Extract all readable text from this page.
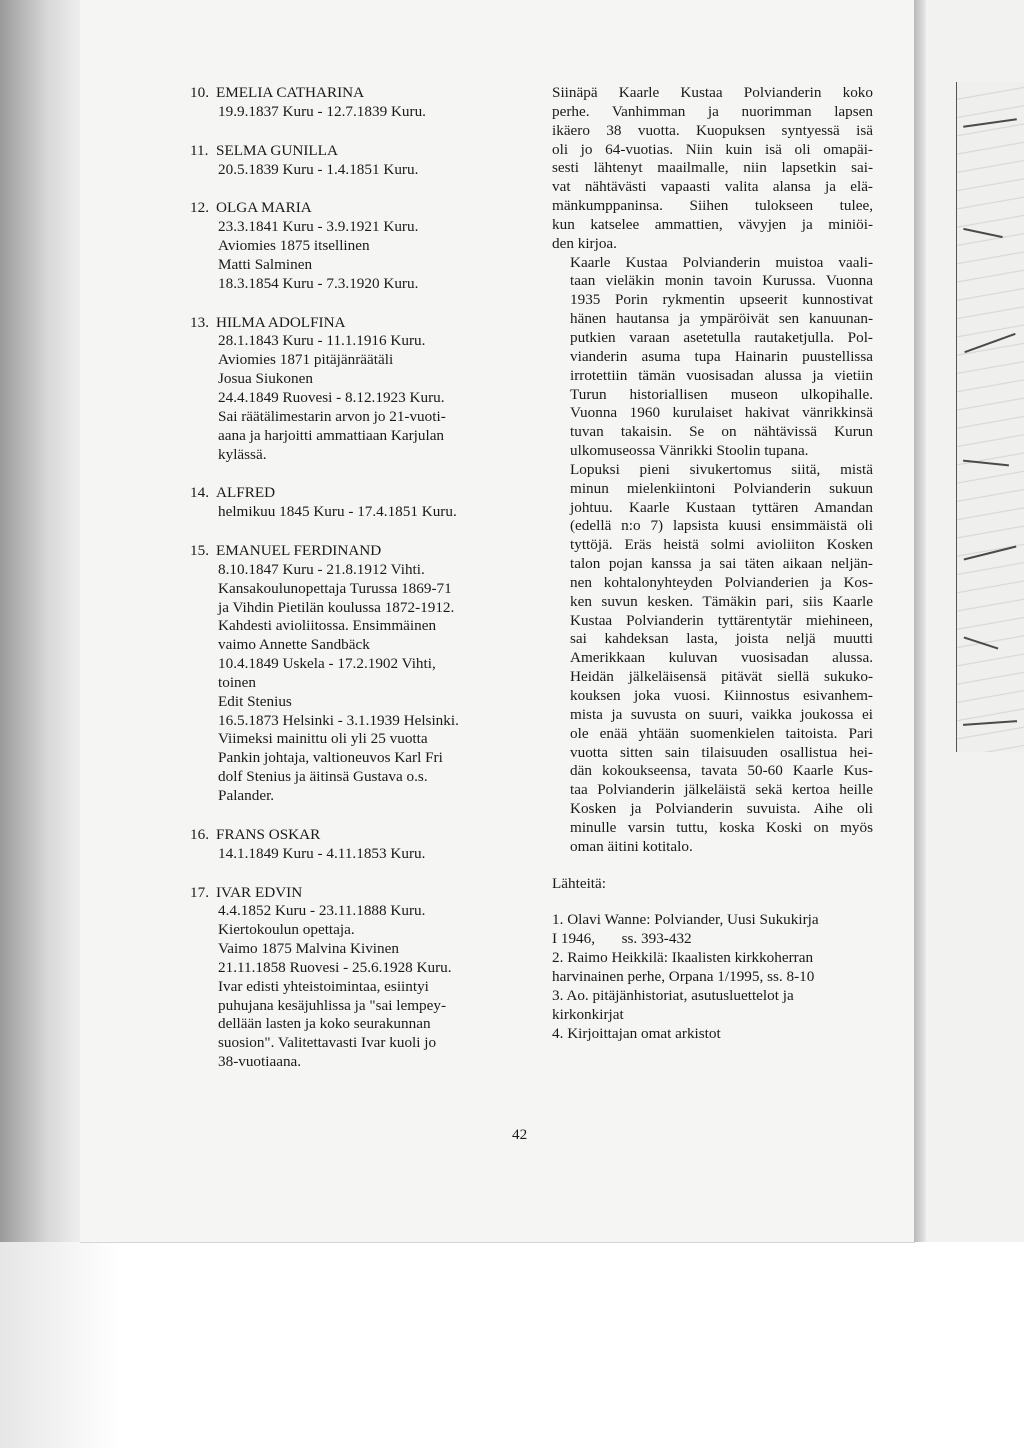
10. EMELIA CATHARINA
19.9.1837 Kuru - 12.7.1839 Kuru.
11. SELMA GUNILLA
20.5.1839 Kuru - 1.4.1851 Kuru.
12. OLGA MARIA
23.3.1841 Kuru - 3.9.1921 Kuru.
Aviomies 1875 itsellinen
Matti Salminen
18.3.1854 Kuru - 7.3.1920 Kuru.
13. HILMA ADOLFINA
28.1.1843 Kuru - 11.1.1916 Kuru.
Aviomies 1871 pitäjänräätäli
Josua Siukonen
24.4.1849 Ruovesi - 8.12.1923 Kuru.
Sai räätälimestarin arvon jo 21-vuoti-
aana ja harjoitti ammattiaan Karjulan
kylässä.
14. ALFRED
helmikuu 1845 Kuru - 17.4.1851 Kuru.
15. EMANUEL FERDINAND
8.10.1847 Kuru - 21.8.1912 Vihti.
Kansakoulunopettaja Turussa 1869-71
ja Vihdin Pietilän koulussa 1872-1912.
Kahdesti avioliitossa. Ensimmäinen
vaimo Annette Sandbäck
10.4.1849 Uskela - 17.2.1902 Vihti,
toinen
Edit Stenius
16.5.1873 Helsinki - 3.1.1939 Helsinki.
Viimeksi mainittu oli yli 25 vuotta
Pankin johtaja, valtioneuvos Karl Fri
dolf Stenius ja äitinsä Gustava o.s.
Palander.
16. FRANS OSKAR
14.1.1849 Kuru - 4.11.1853 Kuru.
17. IVAR EDVIN
4.4.1852 Kuru - 23.11.1888 Kuru.
Kiertokoulun opettaja.
Vaimo 1875 Malvina Kivinen
21.11.1858 Ruovesi - 25.6.1928 Kuru.
Ivar edisti yhteistoimintaa, esiintyi
puhujana kesäjuhlissa ja "sai lempey-
dellään lasten ja koko seurakunnan
suosion". Valitettavasti Ivar kuoli jo
38-vuotiaana.

Siinäpä Kaarle Kustaa Polvianderin koko
perhe. Vanhimman ja nuorimman lapsen
ikäero 38 vuotta. Kuopuksen syntyessä isä
oli jo 64-vuotias. Niin kuin isä oli omapäi-
sesti lähtenyt maailmalle, niin lapsetkin sai-
vat nähtävästi vapaasti valita alansa ja elä-
mänkumppaninsa. Siihen tulokseen tulee,
kun katselee ammattien, vävyjen ja miniöi-
den kirjoa.

Kaarle Kustaa Polvianderin muistoa vaali-
taan vieläkin monin tavoin Kurussa. Vuonna
1935 Porin rykmentin upseerit kunnostivat
hänen hautansa ja ympäröivät sen kanuunan-
putkien varaan asetetulla rautaketjulla. Pol-
vianderin asuma tupa Hainarin puustellissa
irrotettiin tämän vuosisadan alussa ja vietiin
Turun historiallisen museon ulkopihalle.
Vuonna 1960 kurulaiset hakivat vänrikkinsä
tuvan takaisin. Se on nähtävissä Kurun
ulkomuseossa Vänrikki Stoolin tupana.

Lopuksi pieni sivukertomus siitä, mistä
minun mielenkiintoni Polvianderin sukuun
johtuu. Kaarle Kustaan tyttären Amandan
(edellä n:o 7) lapsista kuusi ensimmäistä oli
tyttöjä. Eräs heistä solmi avioliiton Kosken
talon pojan kanssa ja sai täten aikaan neljän-
nen kohtalonyhteyden Polvianderien ja Kos-
ken suvun kesken. Tämäkin pari, siis Kaarle
Kustaa Polvianderin tyttärentytär miehineen,
sai kahdeksan lasta, joista neljä muutti
Amerikkaan kuluvan vuosisadan alussa.
Heidän jälkeläisensä pitävät siellä sukuko-
kouksen joka vuosi. Kiinnostus esivanhem-
mista ja suvusta on suuri, vaikka joukossa ei
ole enää yhtään suomenkielen taitoista. Pari
vuotta sitten sain tilaisuuden osallistua hei-
dän kokoukseensa, tavata 50-60 Kaarle Kus-
taa Polvianderin jälkeläistä sekä kertoa heille
Kosken ja Polvianderin suvuista. Aihe oli
minulle varsin tuttu, koska Koski on myös
oman äitini kotitalo.

Lähteitä:
1. Olavi Wanne: Polviander, Uusi Sukukirja
I 1946,       ss. 393-432
2. Raimo Heikkilä: Ikaalisten kirkkoherran
harvinainen perhe, Orpana 1/1995, ss. 8-10
3. Ao. pitäjänhistoriat, asutusluettelot ja
kirkonkirjat
4. Kirjoittajan omat arkistot
42
